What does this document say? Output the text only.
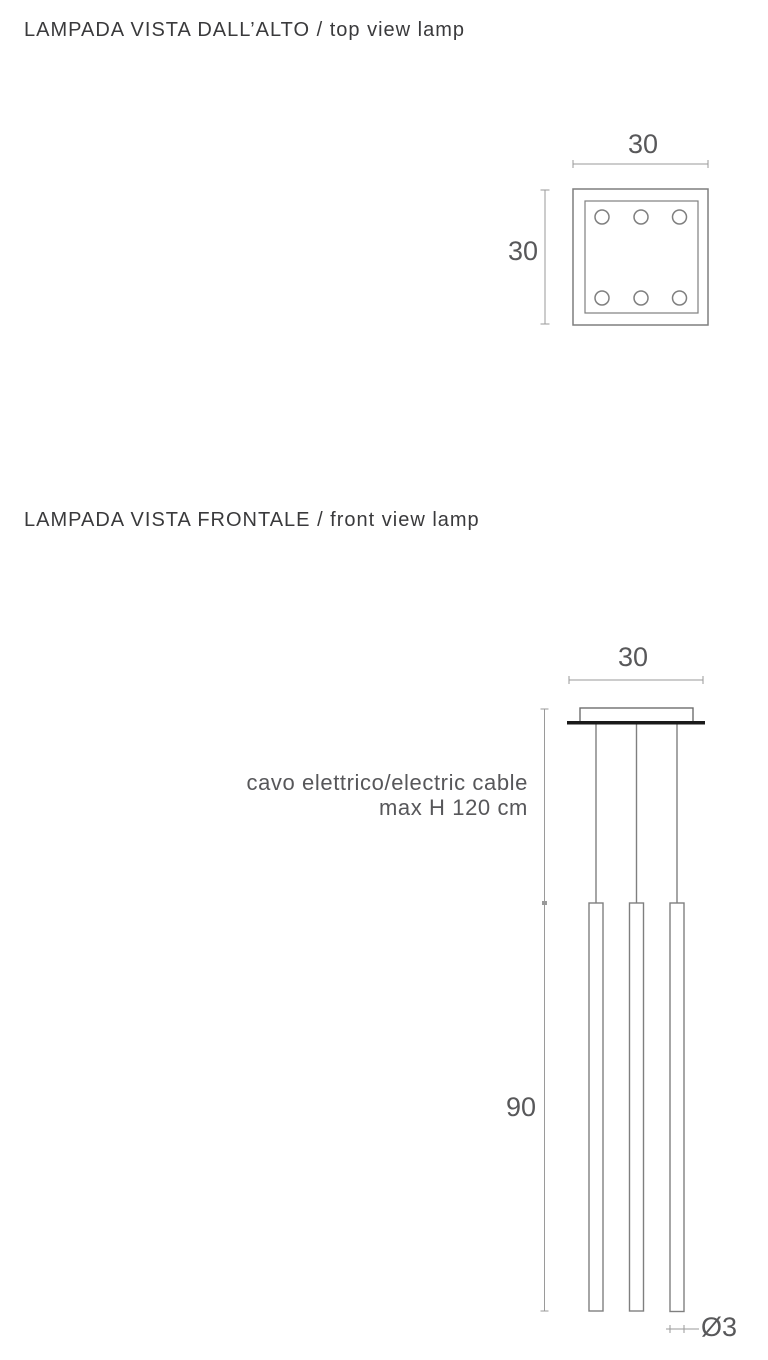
LAMPADA VISTA DALL’ALTO / top view lamp
LAMPADA VISTA FRONTALE / front view lamp
30
30
30
cavo elettrico/electric cable
max H 120 cm
90
Ø3
